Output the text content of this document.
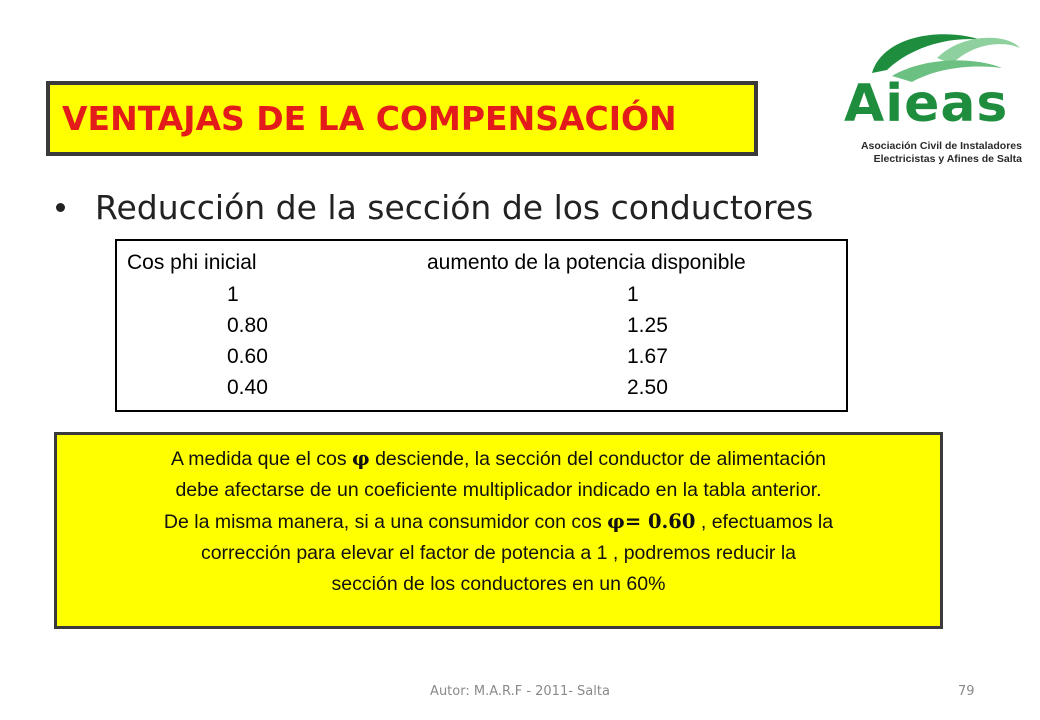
VENTAJAS DE LA COMPENSACIÓN	Aieas
Asociación Civil de Instaladores
Electricistas y Afines de Salta
Reducción de la sección de los conductores
Cos phi inicial	aumento de la potencia disponible
1	1
0.80	1.25
0.60	1.67
0.40	2.50
A medida que el cos φ desciende, la sección del conductor de alimentación
debe afectarse de un coeficiente multiplicador indicado en la tabla anterior.
De la misma manera, si a una consumidor con cos φ= 0.60 , efectuamos la
corrección para elevar el factor de potencia a 1 , podremos reducir la
sección de los conductores en un 60%
Autor: M.A.R.F - 2011- Salta	79
